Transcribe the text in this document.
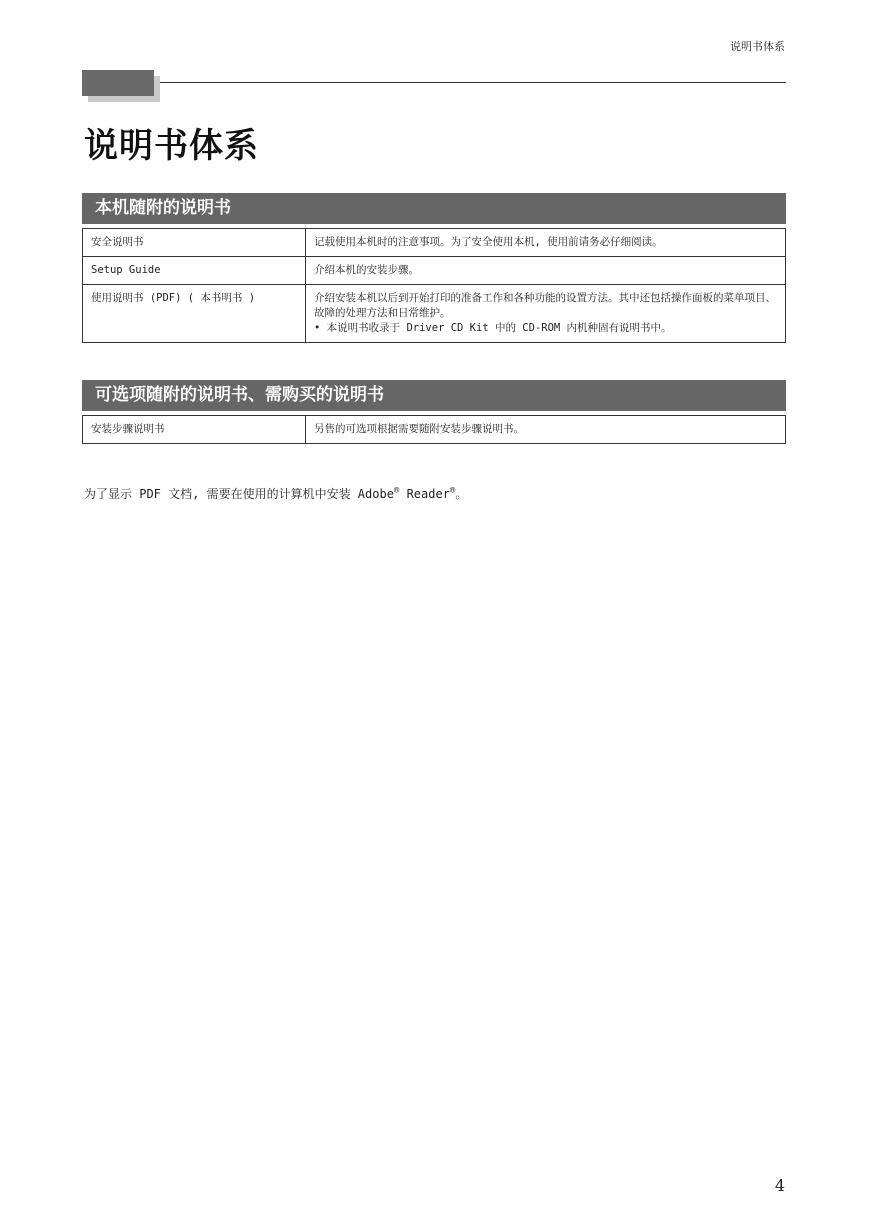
说明书体系
说明书体系
本机随附的说明书
安全说明书	记载使用本机时的注意事项。为了安全使用本机, 使用前请务必仔细阅读。

Setup Guide	介绍本机的安装步骤。

使用说明书 (PDF) ( 本书明书 )	介绍安装本机以后到开始打印的准备工作和各种功能的设置方法。其中还包括操作面板的菜单项目、故障的处理方法和日常维护。
• 本说明书收录于 Driver CD Kit 中的 CD-ROM 内机种固有说明书中。
可选项随附的说明书、需购买的说明书
安装步骤说明书	另售的可选项根据需要随附安装步骤说明书。
为了显示 PDF 文档, 需要在使用的计算机中安装 Adobe® Reader®。
4
